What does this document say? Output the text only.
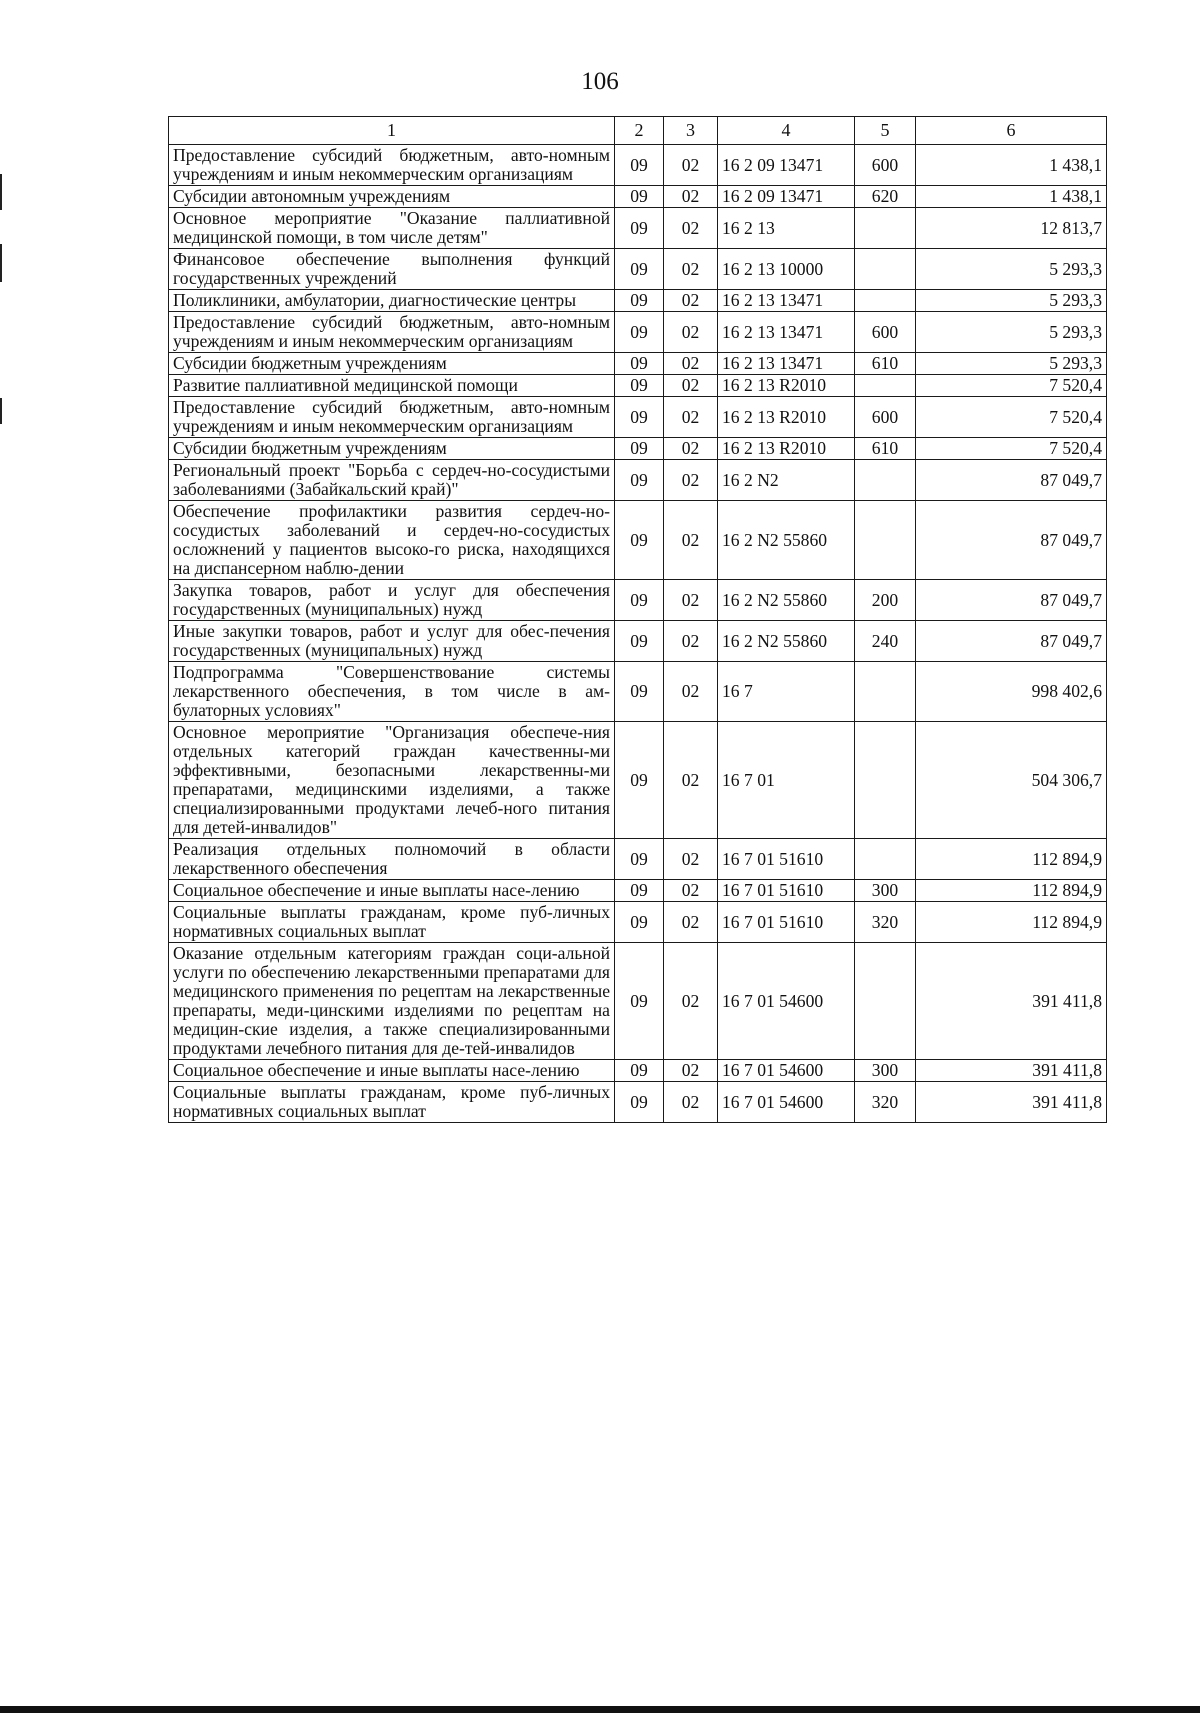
106
1	2	3	4	5	6
Предоставление субсидий бюджетным, авто-номным учреждениям и иным некоммерческим организациям	09	02	16 2 09 13471	600	1 438,1
Субсидии автономным учреждениям	09	02	16 2 09 13471	620	1 438,1
Основное мероприятие "Оказание паллиативной медицинской помощи, в том числе детям"	09	02	16 2 13		12 813,7
Финансовое обеспечение выполнения функций государственных учреждений	09	02	16 2 13 10000		5 293,3
Поликлиники, амбулатории, диагностические центры	09	02	16 2 13 13471		5 293,3
Предоставление субсидий бюджетным, авто-номным учреждениям и иным некоммерческим организациям	09	02	16 2 13 13471	600	5 293,3
Субсидии бюджетным учреждениям	09	02	16 2 13 13471	610	5 293,3
Развитие паллиативной медицинской помощи	09	02	16 2 13 R2010		7 520,4
Предоставление субсидий бюджетным, авто-номным учреждениям и иным некоммерческим организациям	09	02	16 2 13 R2010	600	7 520,4
Субсидии бюджетным учреждениям	09	02	16 2 13 R2010	610	7 520,4
Региональный проект "Борьба с сердеч-но-сосудистыми заболеваниями (Забайкальский край)"	09	02	16 2 N2		87 049,7
Обеспечение профилактики развития сердеч-но-сосудистых заболеваний и сердеч-но-сосудистых осложнений у пациентов высоко-го риска, находящихся на диспансерном наблю-дении	09	02	16 2 N2 55860		87 049,7
Закупка товаров, работ и услуг для обеспечения государственных (муниципальных) нужд	09	02	16 2 N2 55860	200	87 049,7
Иные закупки товаров, работ и услуг для обес-печения государственных (муниципальных) нужд	09	02	16 2 N2 55860	240	87 049,7
Подпрограмма "Совершенствование системы лекарственного обеспечения, в том числе в ам-булаторных условиях"	09	02	16 7		998 402,6
Основное мероприятие "Организация обеспече-ния отдельных категорий граждан качественны-ми эффективными, безопасными лекарственны-ми препаратами, медицинскими изделиями, а также специализированными продуктами лечеб-ного питания для детей-инвалидов"	09	02	16 7 01		504 306,7
Реализация отдельных полномочий в области лекарственного обеспечения	09	02	16 7 01 51610		112 894,9
Социальное обеспечение и иные выплаты насе-лению	09	02	16 7 01 51610	300	112 894,9
Социальные выплаты гражданам, кроме пуб-личных нормативных социальных выплат	09	02	16 7 01 51610	320	112 894,9
Оказание отдельным категориям граждан соци-альной услуги по обеспечению лекарственными препаратами для медицинского применения по рецептам на лекарственные препараты, меди-цинскими изделиями по рецептам на медицин-ские изделия, а также специализированными продуктами лечебного питания для де-тей-инвалидов	09	02	16 7 01 54600		391 411,8
Социальное обеспечение и иные выплаты насе-лению	09	02	16 7 01 54600	300	391 411,8
Социальные выплаты гражданам, кроме пуб-личных нормативных социальных выплат	09	02	16 7 01 54600	320	391 411,8
